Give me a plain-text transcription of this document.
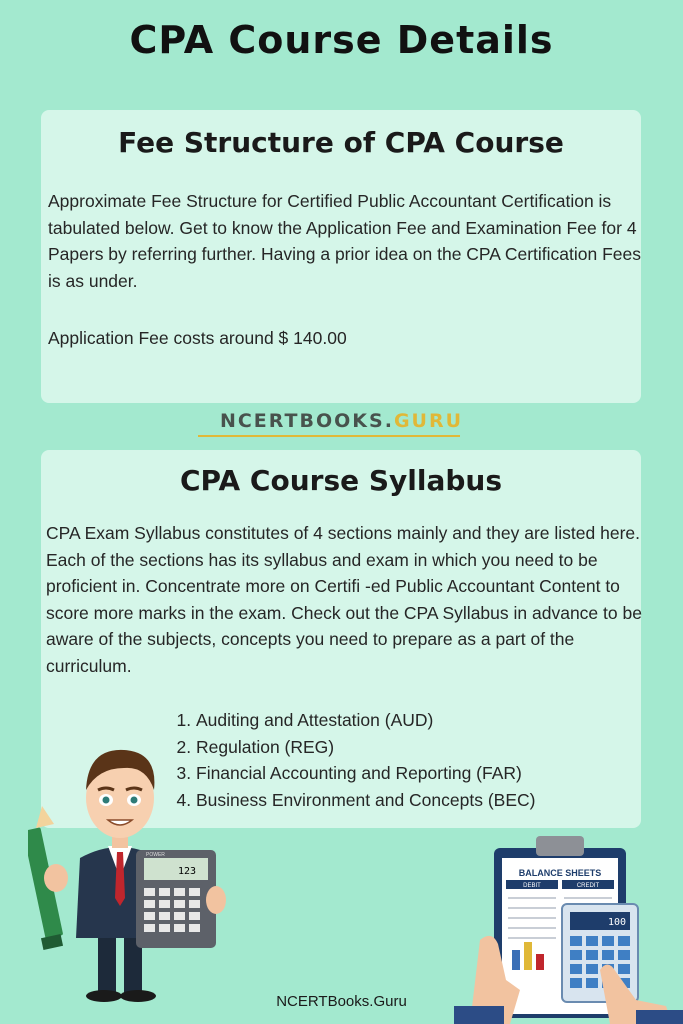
CPA Course Details
Fee Structure of CPA Course

Approximate Fee Structure for Certified Public Accountant Certification is tabulated below. Get to know the Application Fee and Examination Fee for 4 Papers by referring further. Having a prior idea on the CPA Certification Fees is as under.

Application Fee costs around $ 140.00

NCERTBOOKS.GURU
CPA Course Syllabus

CPA Exam Syllabus constitutes of 4 sections mainly and they are listed here. Each of the sections has its syllabus and exam in which you need to be proficient in. Concentrate more on Certifi -ed Public Accountant Content to score more marks in the exam. Check out the CPA Syllabus in advance to be aware of the subjects, concepts you need to prepare as a part of the curriculum.

1. Auditing and Attestation (AUD)
2. Regulation (REG)
3. Financial Accounting and Reporting (FAR)
4. Business Environment and Concepts (BEC)
123
POWER
BALANCE SHEETS
DEBIT	CREDIT
100
NCERTBooks.Guru
